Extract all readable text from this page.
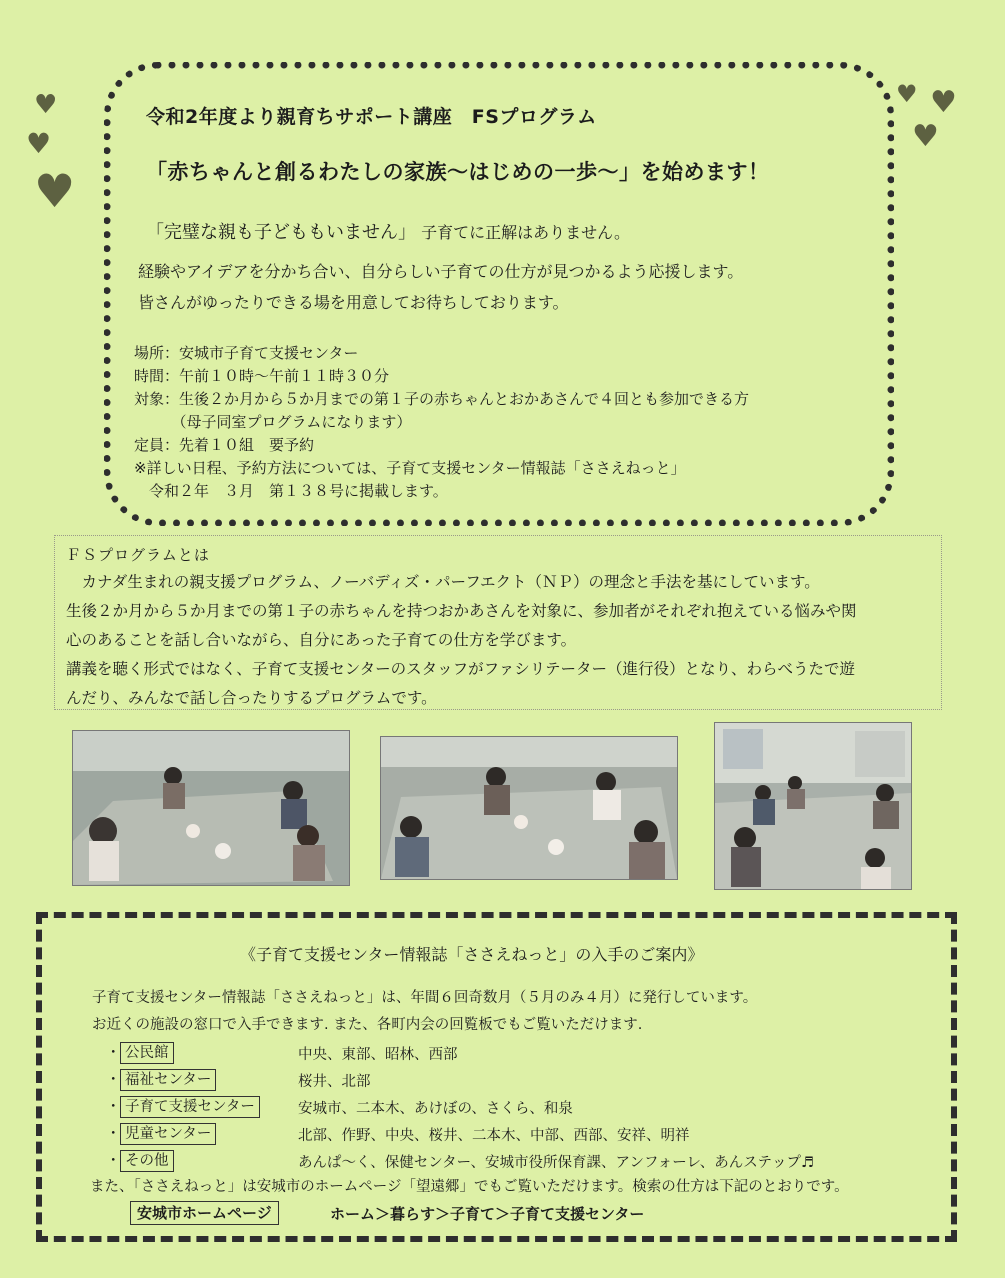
♥
♥
♥
♥ ♥
♥
令和2年度より親育ちサポート講座　FSプログラム
「赤ちゃんと創るわたしの家族～はじめの一歩～」を始めます！
「完璧な親も子どももいません」 子育てに正解はありません。
経験やアイデアを分かち合い、自分らしい子育ての仕方が見つかるよう応援します。
皆さんがゆったりできる場を用意してお待ちしております。
場所：安城市子育て支援センター
時間：午前１０時～午前１１時３０分
対象：生後２か月から５か月までの第１子の赤ちゃんとおかあさんで４回とも参加できる方
　　　（母子同室プログラムになります）
定員：先着１０組　要予約
※詳しい日程、予約方法については、子育て支援センター情報誌「ささえねっと」
　令和２年　３月　第１３８号に掲載します。
ＦＳプログラムとは
　カナダ生まれの親支援プログラム、ノーバディズ・パーフエクト（ＮＰ）の理念と手法を基にしています。
生後２か月から５か月までの第１子の赤ちゃんを持つおかあさんを対象に、参加者がそれぞれ抱えている悩みや関
心のあることを話し合いながら、自分にあった子育ての仕方を学びます。
講義を聴く形式ではなく、子育て支援センターのスタッフがファシリテーター（進行役）となり、わらべうたで遊
んだり、みんなで話し合ったりするプログラムです。
《子育て支援センター情報誌「ささえねっと」の入手のご案内》
子育て支援センター情報誌「ささえねっと」は、年間６回奇数月（５月のみ４月）に発行しています。
お近くの施設の窓口で入手できます. また、各町内会の回覧板でもご覧いただけます.
・ 公民館	中央、東部、昭林、西部
・ 福祉センター	桜井、北部
・ 子育て支援センター	安城市、二本木、あけぼの、さくら、和泉
・ 児童センター	北部、作野、中央、桜井、二本木、中部、西部、安祥、明祥
・ その他	あんぱ～く、保健センター、安城市役所保育課、アンフォーレ、あんステップ♬
また、「ささえねっと」は安城市のホームページ「望遠郷」でもご覧いただけます。検索の仕方は下記のとおりです。
安城市ホームページ	ホーム＞暮らす＞子育て＞子育て支援センター
